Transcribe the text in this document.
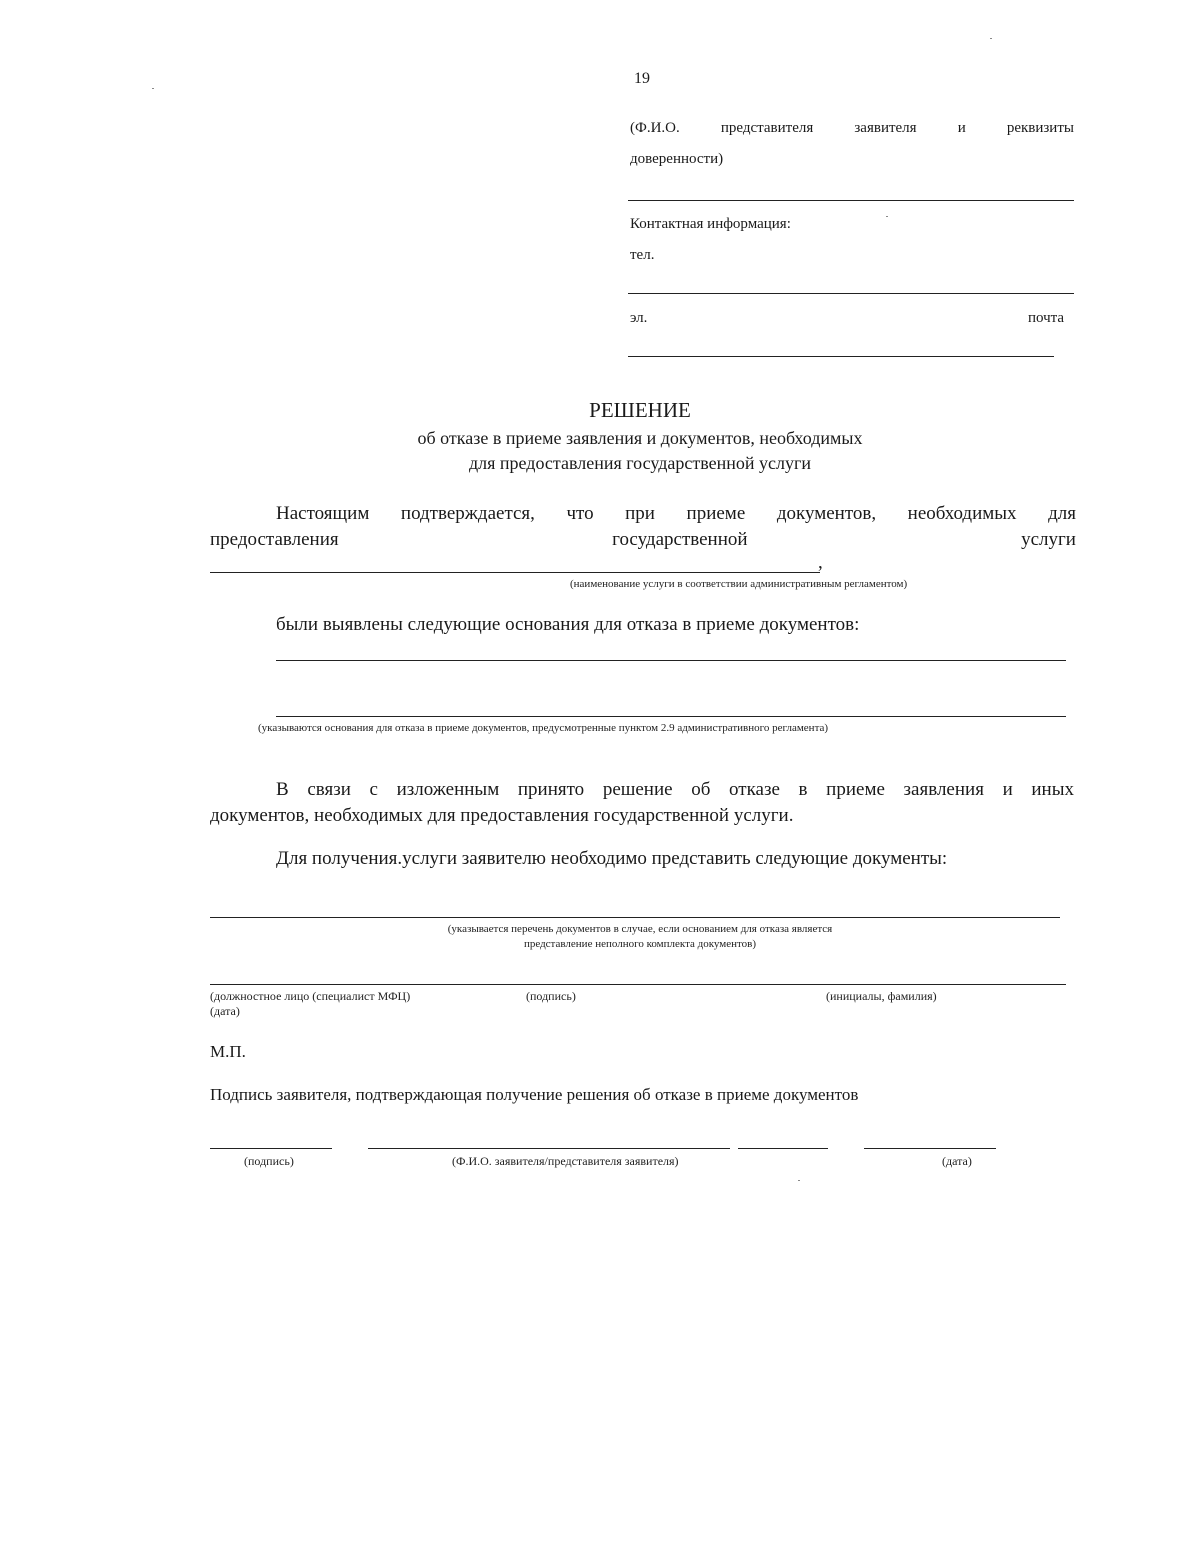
19
(Ф.И.О.	представителя	заявителя	и	реквизиты
доверенности)
Контактная информация:
тел.
эл.	почта
РЕШЕНИЕ
об отказе в приеме заявления и документов, необходимых
для предоставления государственной услуги
Настоящим подтверждается, что при приеме документов, необходимых для
предоставления	государственной	услуги
,
(наименование услуги в соответствии административным регламентом)
были выявлены следующие основания для отказа в приеме документов:
(указываются основания для отказа в приеме документов, предусмотренные пунктом 2.9 административного регламента)
В связи с изложенным принято решение об отказе в приеме заявления и иных
документов, необходимых для предоставления государственной услуги.
Для получения.услуги заявителю необходимо представить следующие документы:
(указывается перечень документов в случае, если основанием для отказа является
представление неполного комплекта документов)
(должностное лицо (специалист МФЦ)	(подпись)	(инициалы, фамилия)
(дата)
М.П.
Подпись заявителя, подтверждающая получение решения об отказе в приеме документов
(подпись)	(Ф.И.О. заявителя/представителя заявителя)	(дата)
